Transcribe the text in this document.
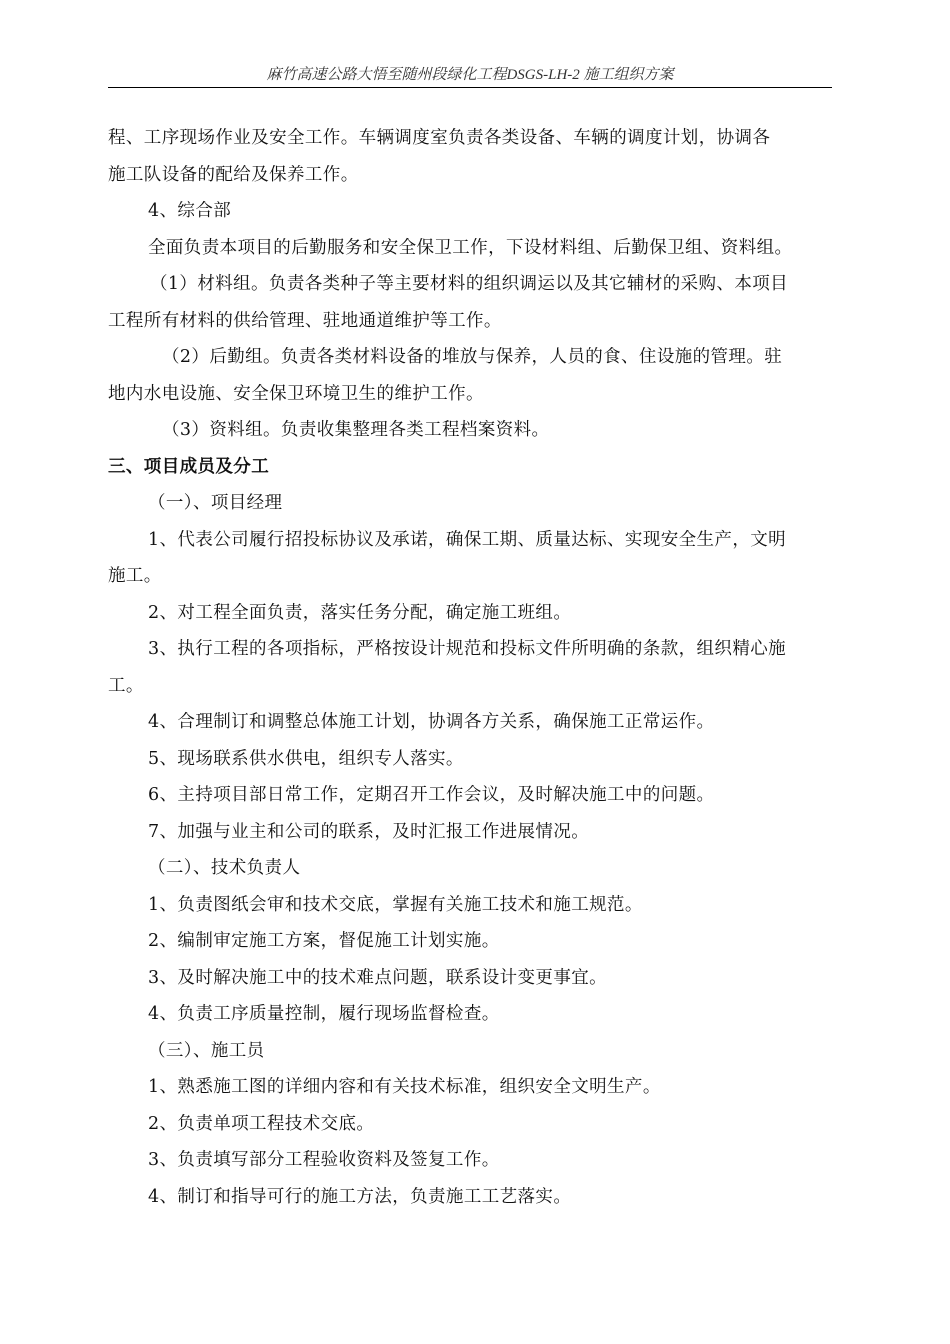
麻竹高速公路大悟至随州段绿化工程DSGS-LH-2 施工组织方案
程、工序现场作业及安全工作。车辆调度室负责各类设备、车辆的调度计划，协调各
施工队设备的配给及保养工作。
4、综合部
全面负责本项目的后勤服务和安全保卫工作，下设材料组、后勤保卫组、资料组。
（1）材料组。负责各类种子等主要材料的组织调运以及其它辅材的采购、本项目
工程所有材料的供给管理、驻地通道维护等工作。
（2）后勤组。负责各类材料设备的堆放与保养，人员的食、住设施的管理。驻
地内水电设施、安全保卫环境卫生的维护工作。
（3）资料组。负责收集整理各类工程档案资料。
三、项目成员及分工
（一）、项目经理
1、代表公司履行招投标协议及承诺，确保工期、质量达标、实现安全生产，文明
施工。
2、对工程全面负责，落实任务分配，确定施工班组。
3、执行工程的各项指标，严格按设计规范和投标文件所明确的条款，组织精心施
工。
4、合理制订和调整总体施工计划，协调各方关系，确保施工正常运作。
5、现场联系供水供电，组织专人落实。
6、主持项目部日常工作，定期召开工作会议，及时解决施工中的问题。
7、加强与业主和公司的联系，及时汇报工作进展情况。
（二）、技术负责人
1、负责图纸会审和技术交底，掌握有关施工技术和施工规范。
2、编制审定施工方案，督促施工计划实施。
3、及时解决施工中的技术难点问题，联系设计变更事宜。
4、负责工序质量控制，履行现场监督检查。
（三）、施工员
1、熟悉施工图的详细内容和有关技术标准，组织安全文明生产。
2、负责单项工程技术交底。
3、负责填写部分工程验收资料及签复工作。
4、制订和指导可行的施工方法，负责施工工艺落实。
